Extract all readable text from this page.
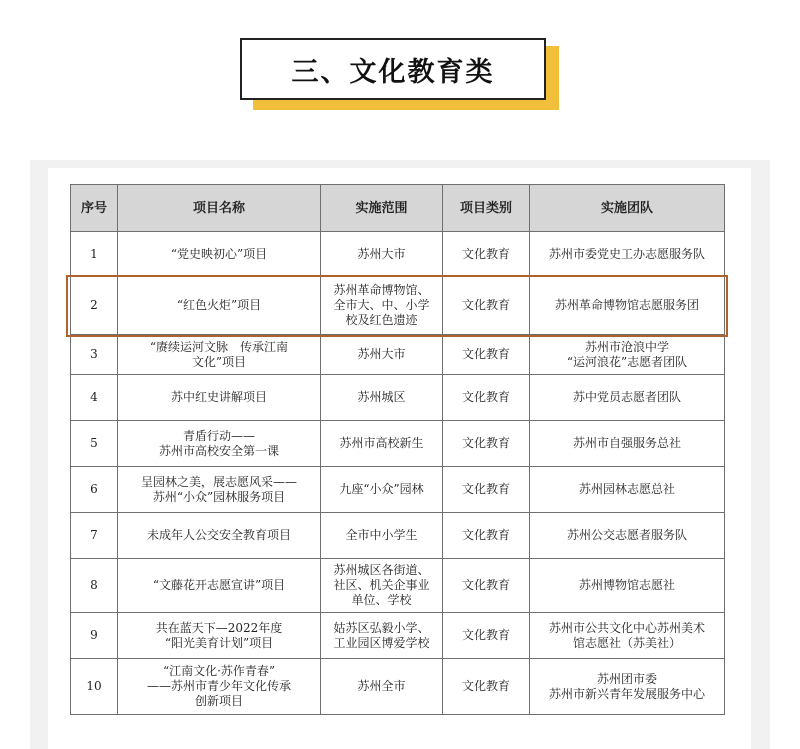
三、文化教育类
序号	项目名称	实施范围	项目类别	实施团队
1	“党史映初心”项目	苏州大市	文化教育	苏州市委党史工办志愿服务队
2	“红色火炬”项目	苏州革命博物馆、
全市大、中、小学
校及红色遗迹	文化教育	苏州革命博物馆志愿服务团
3	“赓续运河文脉　传承江南
文化”项目	苏州大市	文化教育	苏州市沧浪中学
“运河浪花”志愿者团队
4	苏中红史讲解项目	苏州城区	文化教育	苏中党员志愿者团队
5	青盾行动——
苏州市高校安全第一课	苏州市高校新生	文化教育	苏州市自强服务总社
6	呈园林之美，展志愿风采——
苏州“小众”园林服务项目	九座“小众”园林	文化教育	苏州园林志愿总社
7	未成年人公交安全教育项目	全市中小学生	文化教育	苏州公交志愿者服务队
8	“文藤花开志愿宣讲”项目	苏州城区各街道、
社区、机关企事业
单位、学校	文化教育	苏州博物馆志愿社
9	共在蓝天下—2022年度
“阳光美育计划”项目	姑苏区弘毅小学、
工业园区博爱学校	文化教育	苏州市公共文化中心苏州美术
馆志愿社（苏美社）
10	“江南文化·苏作青春”
——苏州市青少年文化传承
创新项目	苏州全市	文化教育	苏州团市委
苏州市新兴青年发展服务中心
